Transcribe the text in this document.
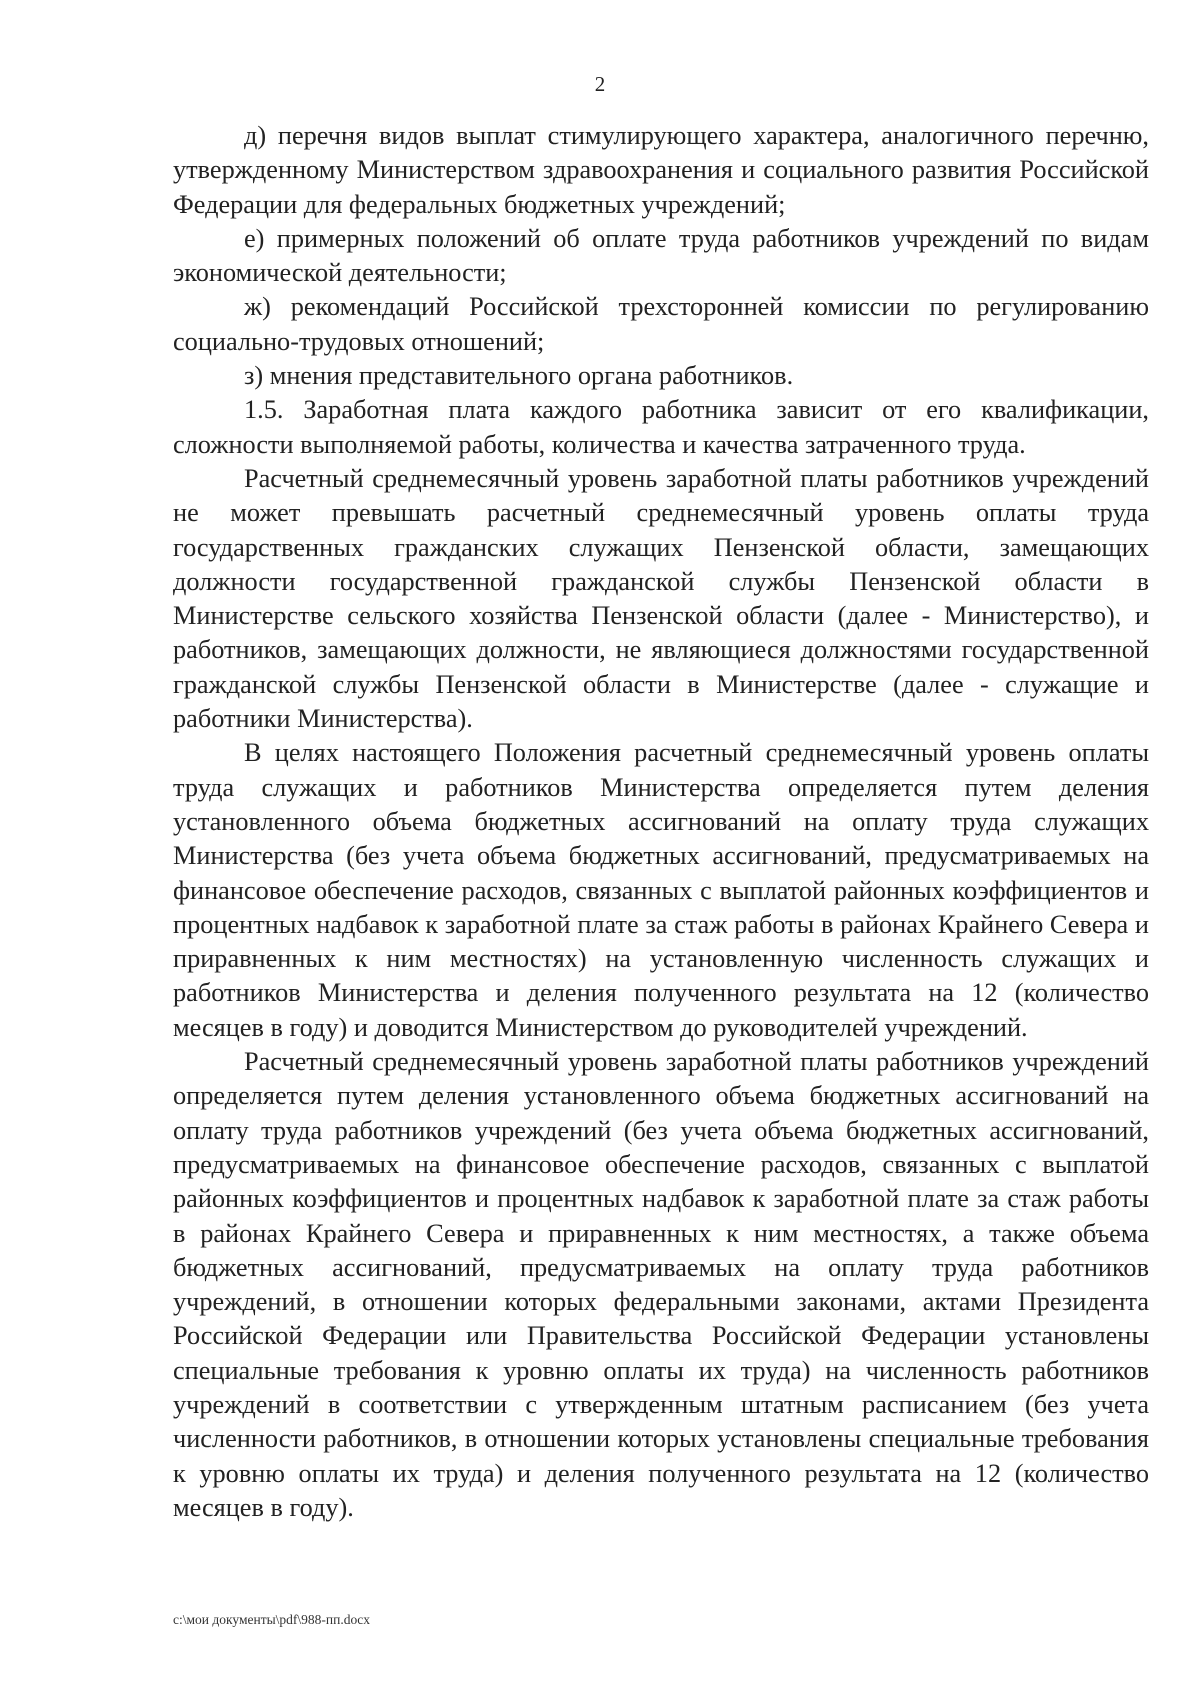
2

д) перечня видов выплат стимулирующего характера, аналогичного перечню, утвержденному Министерством здравоохранения и социального развития Российской Федерации для федеральных бюджетных учреждений;

е) примерных положений об оплате труда работников учреждений по видам экономической деятельности;

ж) рекомендаций Российской трехсторонней комиссии по регулированию социально-трудовых отношений;

з) мнения представительного органа работников.

1.5. Заработная плата каждого работника зависит от его квалификации, сложности выполняемой работы, количества и качества затраченного труда.

Расчетный среднемесячный уровень заработной платы работников учреждений не может превышать расчетный среднемесячный уровень оплаты труда государственных гражданских служащих Пензенской области, замещающих должности государственной гражданской службы Пензенской области в Министерстве сельского хозяйства Пензенской области (далее - Министерство), и работников, замещающих должности, не являющиеся должностями государственной гражданской службы Пензенской области в Министерстве (далее - служащие и работники Министерства).

В целях настоящего Положения расчетный среднемесячный уровень оплаты труда служащих и работников Министерства определяется путем деления установленного объема бюджетных ассигнований на оплату труда служащих Министерства (без учета объема бюджетных ассигнований, предусматриваемых на финансовое обеспечение расходов, связанных с выплатой районных коэффициентов и процентных надбавок к заработной плате за стаж работы в районах Крайнего Севера и приравненных к ним местностях) на установленную численность служащих и работников Министерства и деления полученного результата на 12 (количество месяцев в году) и доводится Министерством до руководителей учреждений.

Расчетный среднемесячный уровень заработной платы работников учреждений определяется путем деления установленного объема бюджетных ассигнований на оплату труда работников учреждений (без учета объема бюджетных ассигнований, предусматриваемых на финансовое обеспечение расходов, связанных с выплатой районных коэффициентов и процентных надбавок к заработной плате за стаж работы в районах Крайнего Севера и приравненных к ним местностях, а также объема бюджетных ассигнований, предусматриваемых на оплату труда работников учреждений, в отношении которых федеральными законами, актами Президента Российской Федерации или Правительства Российской Федерации установлены специальные требования к уровню оплаты их труда) на численность работников учреждений в соответствии с утвержденным штатным расписанием (без учета численности работников, в отношении которых установлены специальные требования к уровню оплаты их труда) и деления полученного результата на 12 (количество месяцев в году).

c:\мои документы\pdf\988-пп.docx
